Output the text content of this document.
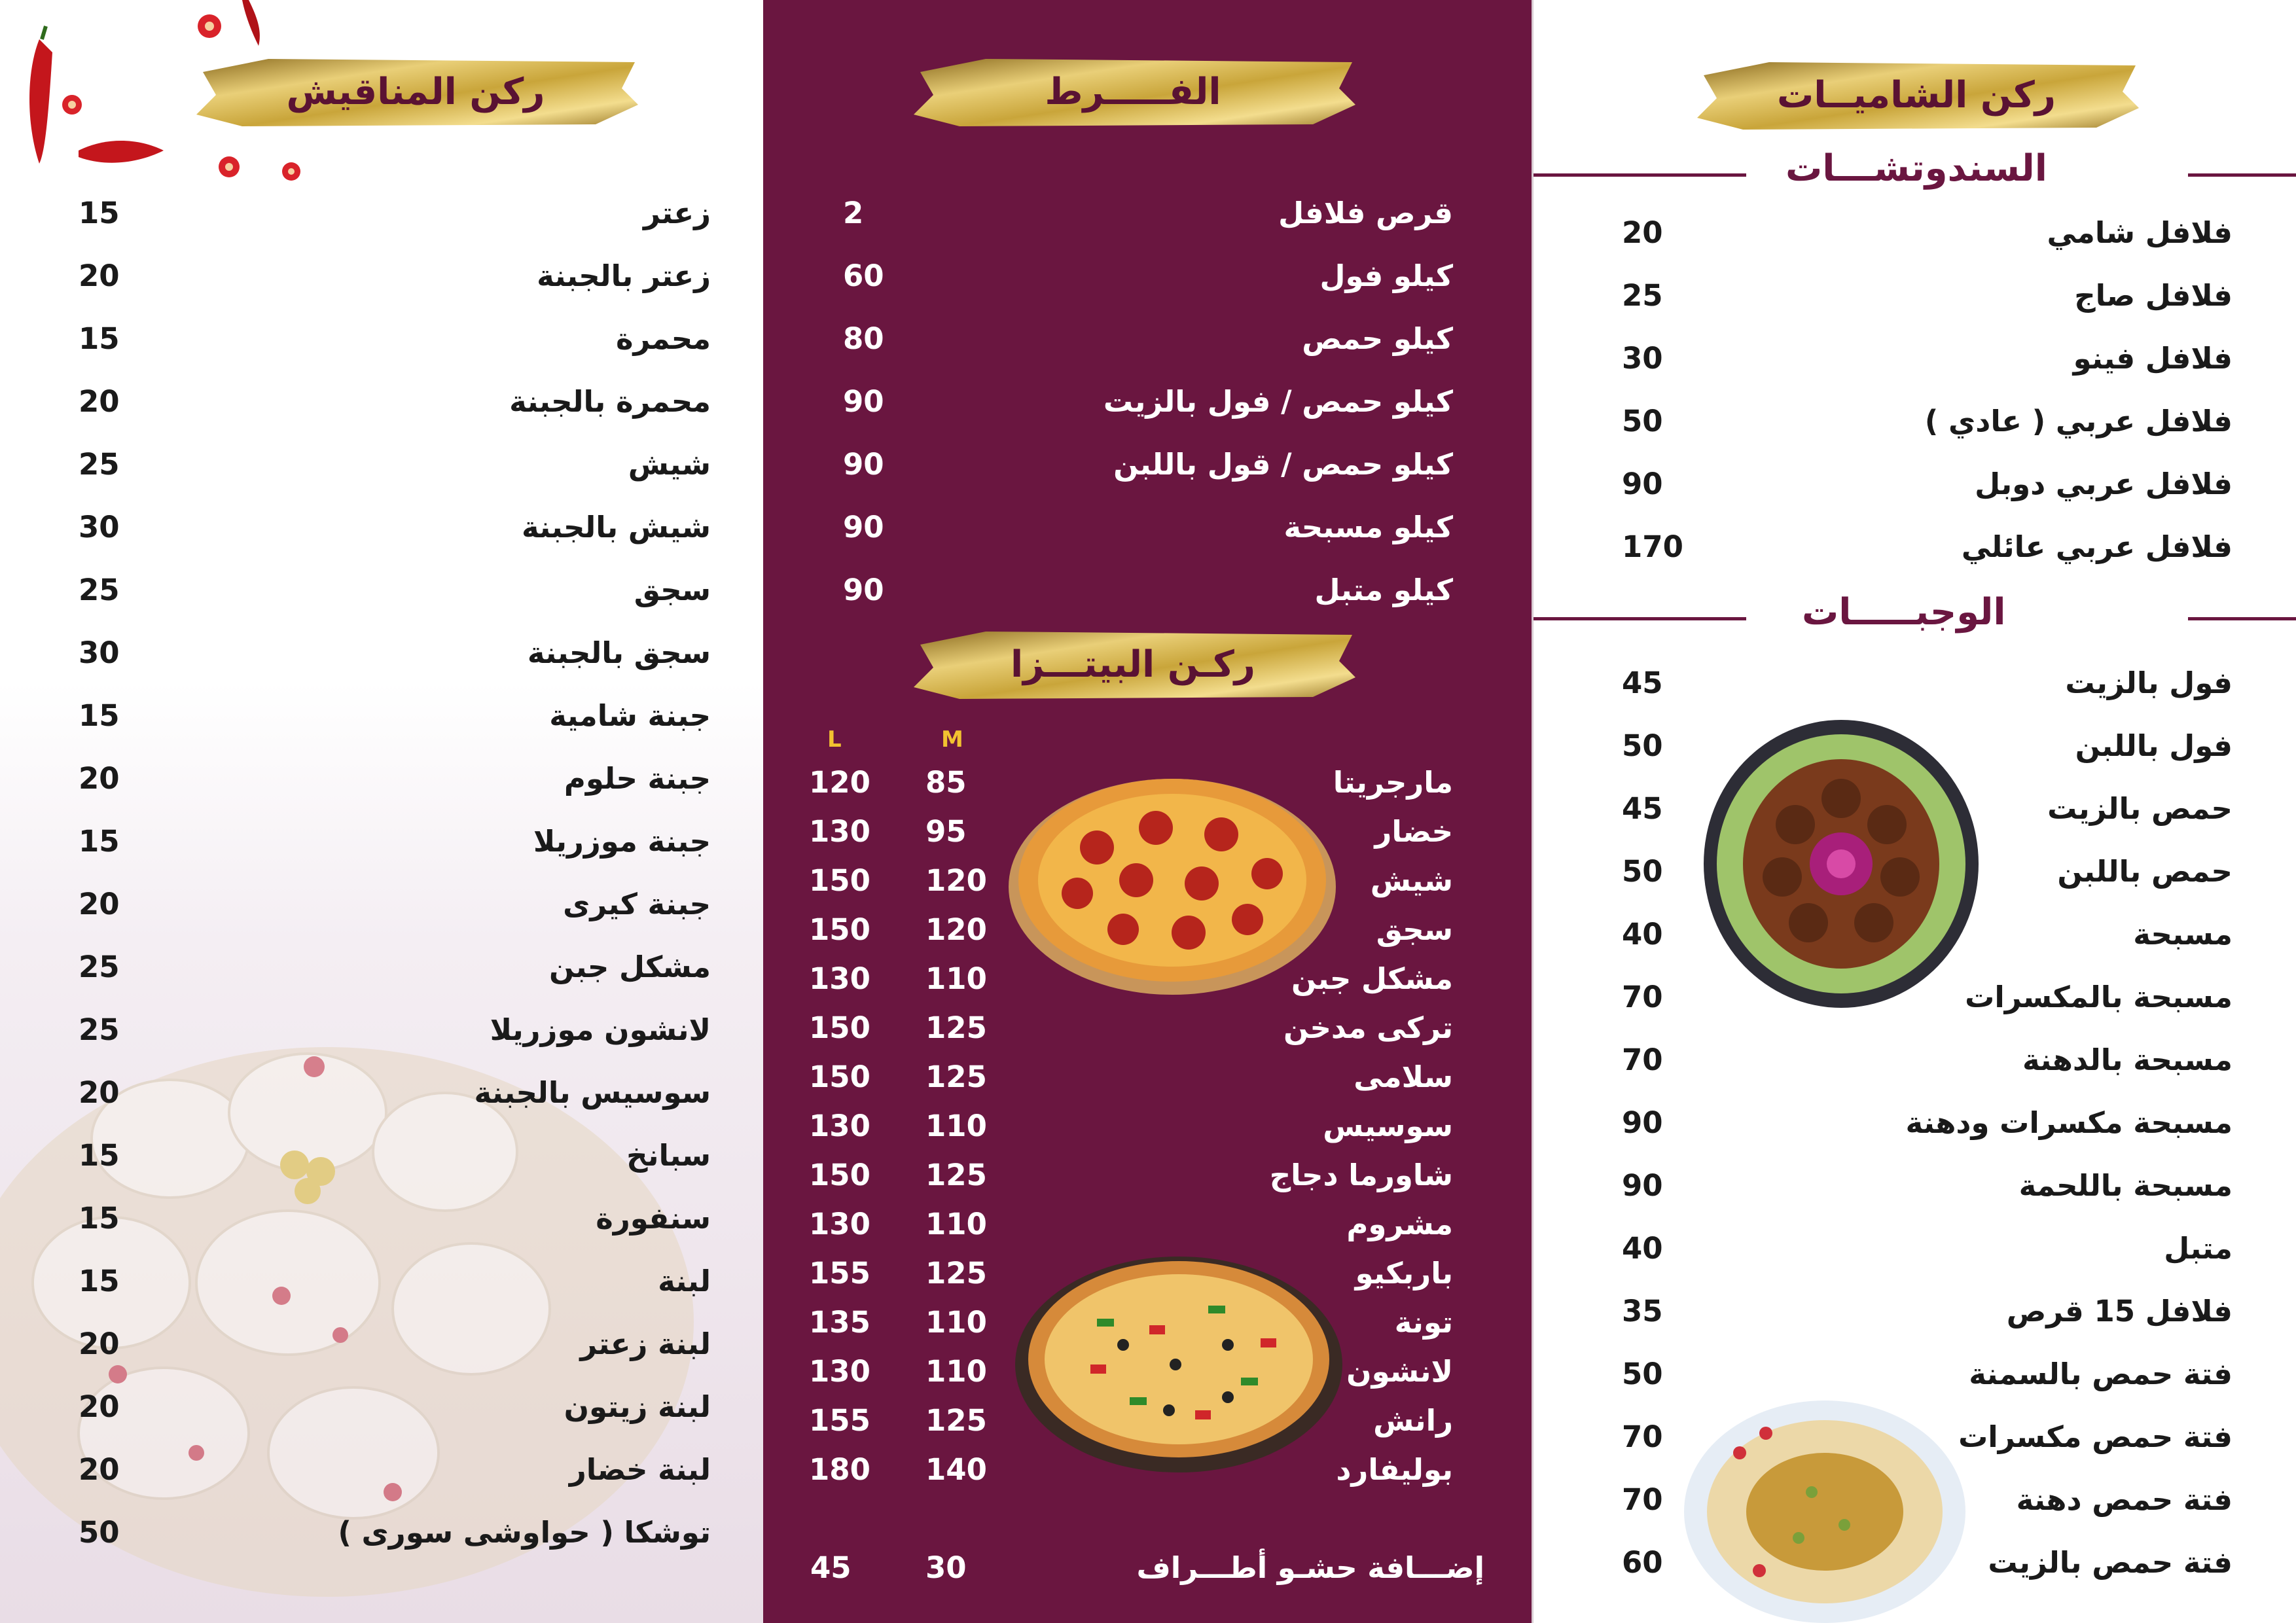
ركن المناقيش
زعتر
15
زعتر بالجبنة
20
محمرة
15
محمرة بالجبنة
20
شيش
25
شيش بالجبنة
30
سجق
25
سجق بالجبنة
30
جبنة شامية
15
جبنة حلوم
20
جبنة موزريلا
15
جبنة كيرى
20
مشكل جبن
25
لانشون موزريلا
25
سوسيس بالجبنة
20
سبانخ
15
سنفورة
15
لبنة
15
لبنة زعتر
20
لبنة زيتون
20
لبنة خضار
20
توشكا ( حواوشى سورى )
50
الفـــــرط
قرص فلافل
2
كيلو فول
60
كيلو حمص
80
كيلو حمص / فول بالزيت
90
كيلو حمص / قول باللبن
90
كيلو مسبحة
90
كيلو متبل
90
ركـن البيتـــزا
L	M
مارجريتا
120 85
خضار
130 95
شيش
150 120
سجق
150 120
مشكل جبن
130 110
تركى مدخن
150 125
سلامى
150 125
سوسيس
130 110
شاورما دجاج
150 125
مشروم
130 110
باربكيو
155 125
تونة
135 110
لانشون
130 110
رانش
155 125
بوليفارد
180 140
إضـــافة حشـو أطـــراف
45	30
ركن الشاميــات
السندوتشـــات
فلافل شامي
20
فلافل صاج
25
فلافل فينو
30
فلافل عربي ( عادي )
50
فلافل عربي دوبل
90
فلافل عربي عائلي
170
الوجبـــــات
فول بالزيت
45
فول باللبن
50
حمص بالزيت
45
حمص باللبن
50
مسبحة
40
مسبحة بالمكسرات
70
مسبحة بالدهنة
70
مسبحة مكسرات ودهنة
90
مسبحة باللحمة
90
متبل
40
فلافل 15 قرص
35
فتة حمص بالسمنة
50
فتة حمص مكسرات
70
فتة حمص دهنة
70
فتة حمص بالزيت
60
